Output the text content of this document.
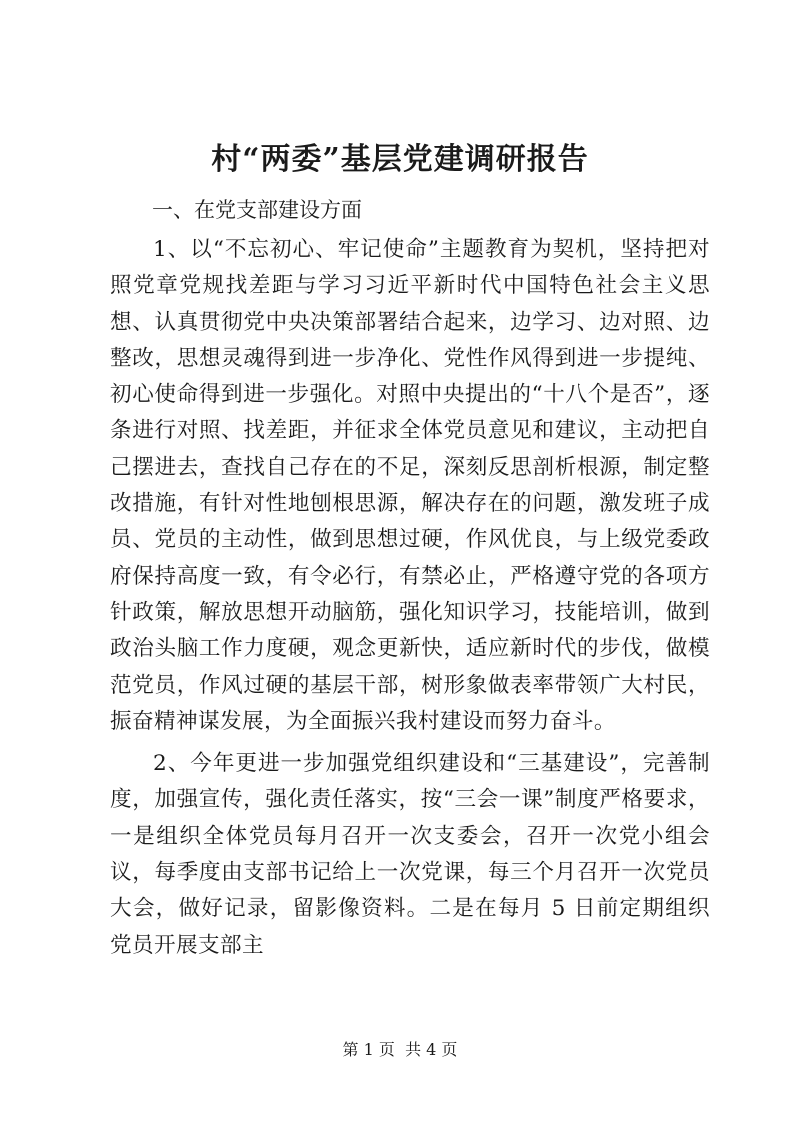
村“两委”基层党建调研报告

一、在党支部建设方面

1、以“不忘初心、牢记使命”主题教育为契机，坚持把对照党章党规找差距与学习习近平新时代中国特色社会主义思想、认真贯彻党中央决策部署结合起来，边学习、边对照、边整改，思想灵魂得到进一步净化、党性作风得到进一步提纯、初心使命得到进一步强化。对照中央提出的“十八个是否”，逐条进行对照、找差距，并征求全体党员意见和建议，主动把自己摆进去，查找自己存在的不足，深刻反思剖析根源，制定整改措施，有针对性地刨根思源，解决存在的问题，激发班子成员、党员的主动性，做到思想过硬，作风优良，与上级党委政府保持高度一致，有令必行，有禁必止，严格遵守党的各项方针政策，解放思想开动脑筋，强化知识学习，技能培训，做到政治头脑工作力度硬，观念更新快，适应新时代的步伐，做模范党员，作风过硬的基层干部，树形象做表率带领广大村民，振奋精神谋发展，为全面振兴我村建设而努力奋斗。

2、今年更进一步加强党组织建设和“三基建设”，完善制度，加强宣传，强化责任落实，按“三会一课”制度严格要求，一是组织全体党员每月召开一次支委会，召开一次党小组会议，每季度由支部书记给上一次党课，每三个月召开一次党员大会，做好记录，留影像资料。二是在每月 5 日前定期组织党员开展支部主

第 1 页  共 4 页
